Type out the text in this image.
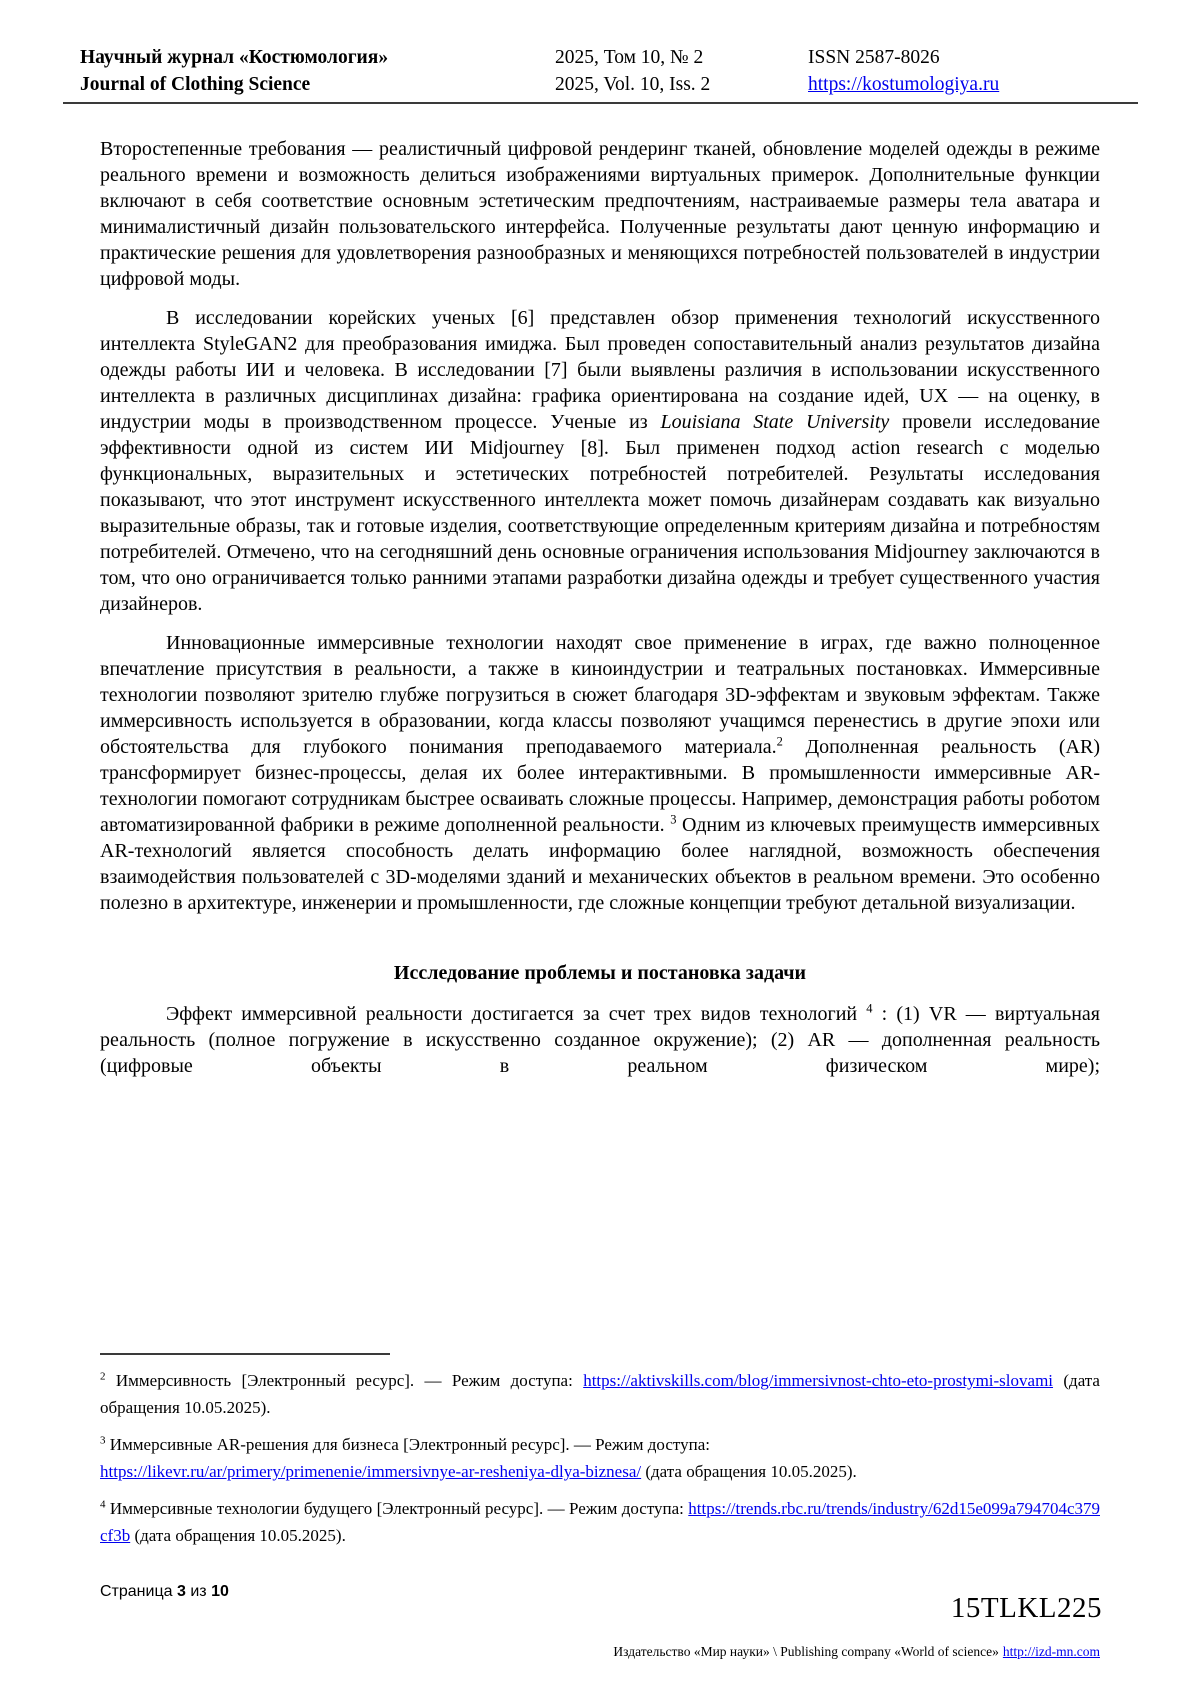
Научный журнал «Костюмология»
Journal of Clothing Science
2025, Том 10, № 2
2025, Vol. 10, Iss. 2
ISSN 2587-8026
https://kostumologiya.ru

Второстепенные требования — реалистичный цифровой рендеринг тканей, обновление моделей одежды в режиме реального времени и возможность делиться изображениями виртуальных примерок. Дополнительные функции включают в себя соответствие основным эстетическим предпочтениям, настраиваемые размеры тела аватара и минималистичный дизайн пользовательского интерфейса. Полученные результаты дают ценную информацию и практические решения для удовлетворения разнообразных и меняющихся потребностей пользователей в индустрии цифровой моды.

В исследовании корейских ученых [6] представлен обзор применения технологий искусственного интеллекта StyleGAN2 для преобразования имиджа. Был проведен сопоставительный анализ результатов дизайна одежды работы ИИ и человека. В исследовании [7] были выявлены различия в использовании искусственного интеллекта в различных дисциплинах дизайна: графика ориентирована на создание идей, UX — на оценку, в индустрии моды в производственном процессе. Ученые из Louisiana State University провели исследование эффективности одной из систем ИИ Midjourney [8]. Был применен подход action research с моделью функциональных, выразительных и эстетических потребностей потребителей. Результаты исследования показывают, что этот инструмент искусственного интеллекта может помочь дизайнерам создавать как визуально выразительные образы, так и готовые изделия, соответствующие определенным критериям дизайна и потребностям потребителей. Отмечено, что на сегодняшний день основные ограничения использования Midjourney заключаются в том, что оно ограничивается только ранними этапами разработки дизайна одежды и требует существенного участия дизайнеров.

Инновационные иммерсивные технологии находят свое применение в играх, где важно полноценное впечатление присутствия в реальности, а также в киноиндустрии и театральных постановках. Иммерсивные технологии позволяют зрителю глубже погрузиться в сюжет благодаря 3D-эффектам и звуковым эффектам. Также иммерсивность используется в образовании, когда классы позволяют учащимся перенестись в другие эпохи или обстоятельства для глубокого понимания преподаваемого материала.$^2$ Дополненная реальность (AR) трансформирует бизнес-процессы, делая их более интерактивными. В промышленности иммерсивные AR-технологии помогают сотрудникам быстрее осваивать сложные процессы. Например, демонстрация работы роботом автоматизированной фабрики в режиме дополненной реальности. $^3$ Одним из ключевых преимуществ иммерсивных AR-технологий является способность делать информацию более наглядной, возможность обеспечения взаимодействия пользователей с 3D-моделями зданий и механических объектов в реальном времени. Это особенно полезно в архитектуре, инженерии и промышленности, где сложные концепции требуют детальной визуализации.

Исследование проблемы и постановка задачи

Эффект иммерсивной реальности достигается за счет трех видов технологий $^4$ : (1) VR — виртуальная реальность (полное погружение в искусственно созданное окружение); (2) AR — дополненная реальность (цифровые объекты в реальном физическом мире);

$^2$ Иммерсивность [Электронный ресурс]. — Режим доступа: https://aktivskills.com/blog/immersivnost-chto-eto-prostymi-slovami (дата обращения 10.05.2025).

$^3$ Иммерсивные AR-решения для бизнеса [Электронный ресурс]. — Режим доступа: https://likevr.ru/ar/primery/primenenie/immersivnye-ar-resheniya-dlya-biznesa/ (дата обращения 10.05.2025).

$^4$ Иммерсивные технологии будущего [Электронный ресурс]. — Режим доступа: https://trends.rbc.ru/trends/industry/62d15e099a794704c379cf3b (дата обращения 10.05.2025).

Страница 3 из 10
15TLKL225
Издательство «Мир науки» \ Publishing company «World of science» http://izd-mn.com
